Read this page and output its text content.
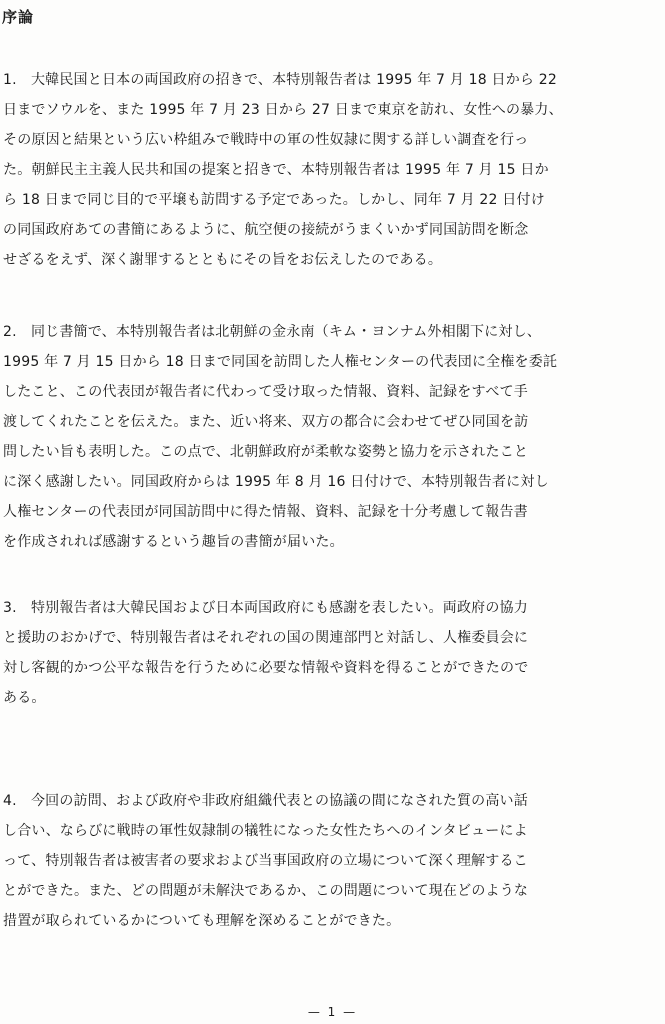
序論
1.　大韓民国と日本の両国政府の招きで、本特別報告者は 1995 年 7 月 18 日から 22
日までソウルを、また 1995 年 7 月 23 日から 27 日まで東京を訪れ、女性への暴力、
その原因と結果という広い枠組みで戦時中の軍の性奴隷に関する詳しい調査を行っ
た。朝鮮民主主義人民共和国の提案と招きで、本特別報告者は 1995 年 7 月 15 日か
ら 18 日まで同じ目的で平壌も訪問する予定であった。しかし、同年 7 月 22 日付け
の同国政府あての書簡にあるように、航空便の接続がうまくいかず同国訪問を断念
せざるをえず、深く謝罪するとともにその旨をお伝えしたのである。
2.　同じ書簡で、本特別報告者は北朝鮮の金永南（キム・ヨンナム外相閣下に対し、
1995 年 7 月 15 日から 18 日まで同国を訪問した人権センターの代表団に全権を委託
したこと、この代表団が報告者に代わって受け取った情報、資料、記録をすべて手
渡してくれたことを伝えた。また、近い将来、双方の都合に会わせてぜひ同国を訪
問したい旨も表明した。この点で、北朝鮮政府が柔軟な姿勢と協力を示されたこと
に深く感謝したい。同国政府からは 1995 年 8 月 16 日付けで、本特別報告者に対し
人権センターの代表団が同国訪問中に得た情報、資料、記録を十分考慮して報告書
を作成されれば感謝するという趣旨の書簡が届いた。
3.　特別報告者は大韓民国および日本両国政府にも感謝を表したい。両政府の協力
と援助のおかげで、特別報告者はそれぞれの国の関連部門と対話し、人権委員会に
対し客観的かつ公平な報告を行うために必要な情報や資料を得ることができたので
ある。
4.　今回の訪問、および政府や非政府組織代表との協議の間になされた質の高い話
し合い、ならびに戦時の軍性奴隷制の犠牲になった女性たちへのインタビューによ
って、特別報告者は被害者の要求および当事国政府の立場について深く理解するこ
とができた。また、どの問題が未解決であるか、この問題について現在どのような
措置が取られているかについても理解を深めることができた。
— 1 —
